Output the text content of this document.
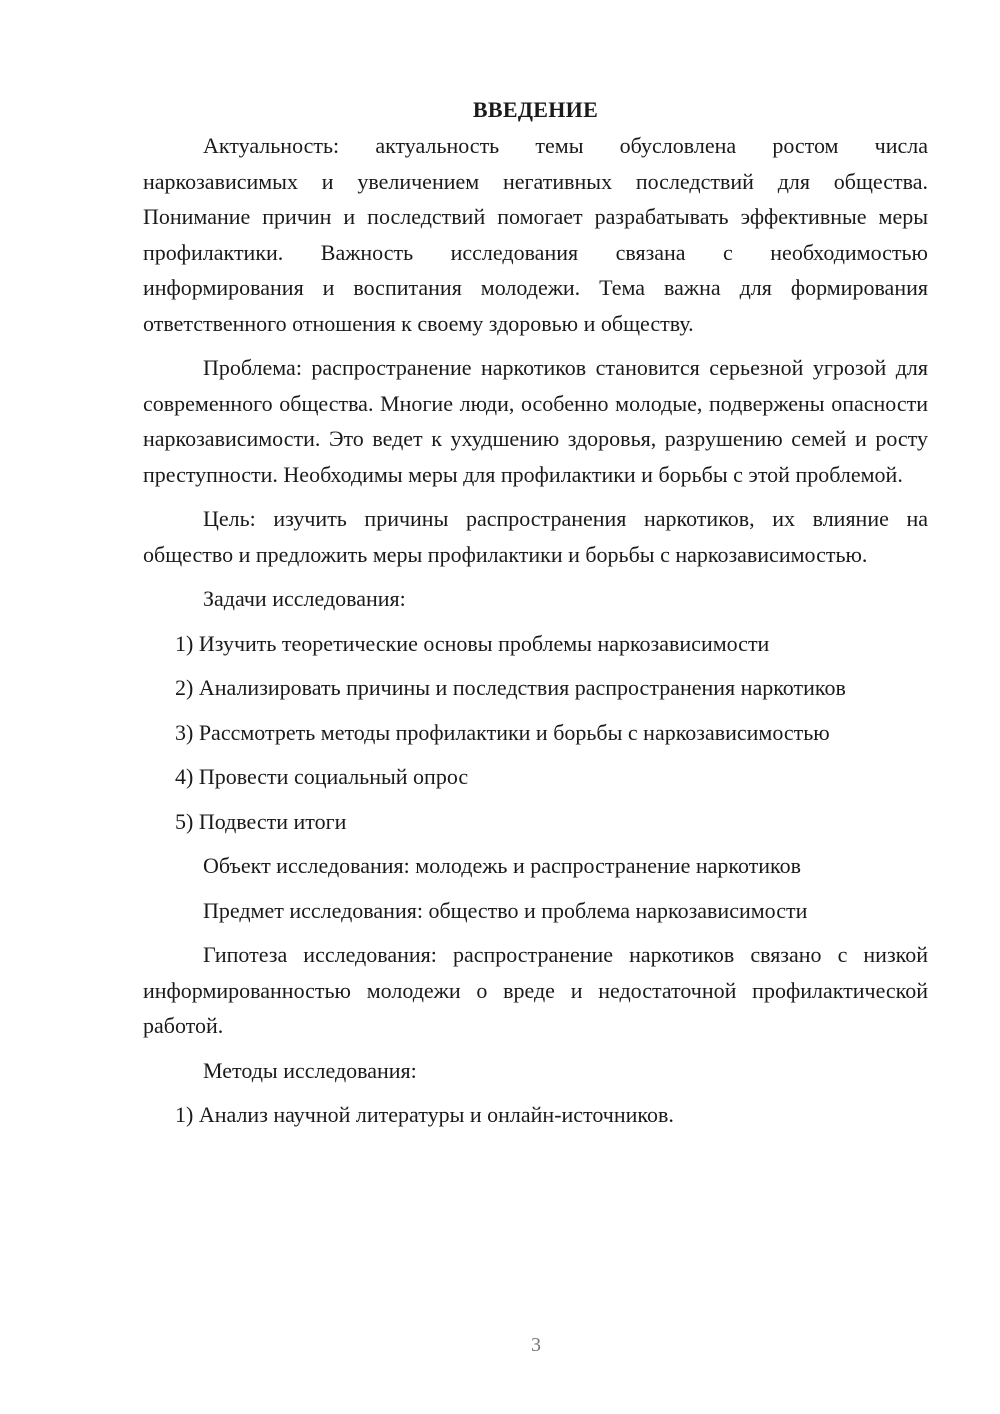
ВВЕДЕНИЕ

Актуальность: актуальность темы обусловлена ростом числа наркозависимых и увеличением негативных последствий для общества. Понимание причин и последствий помогает разрабатывать эффективные меры профилактики. Важность исследования связана с необходимостью информирования и воспитания молодежи. Тема важна для формирования ответственного отношения к своему здоровью и обществу.

Проблема: распространение наркотиков становится серьезной угрозой для современного общества. Многие люди, особенно молодые, подвержены опасности наркозависимости. Это ведет к ухудшению здоровья, разрушению семей и росту преступности. Необходимы меры для профилактики и борьбы с этой проблемой.

Цель: изучить причины распространения наркотиков, их влияние на общество и предложить меры профилактики и борьбы с наркозависимостью.

Задачи исследования:

1) Изучить теоретические основы проблемы наркозависимости

2) Анализировать причины и последствия распространения наркотиков

3) Рассмотреть методы профилактики и борьбы с наркозависимостью

4) Провести социальный опрос

5) Подвести итоги

Объект исследования: молодежь и распространение наркотиков

Предмет исследования: общество и проблема наркозависимости

Гипотеза исследования: распространение наркотиков связано с низкой информированностью молодежи о вреде и недостаточной профилактической работой.

Методы исследования:

1) Анализ научной литературы и онлайн-источников.

3
